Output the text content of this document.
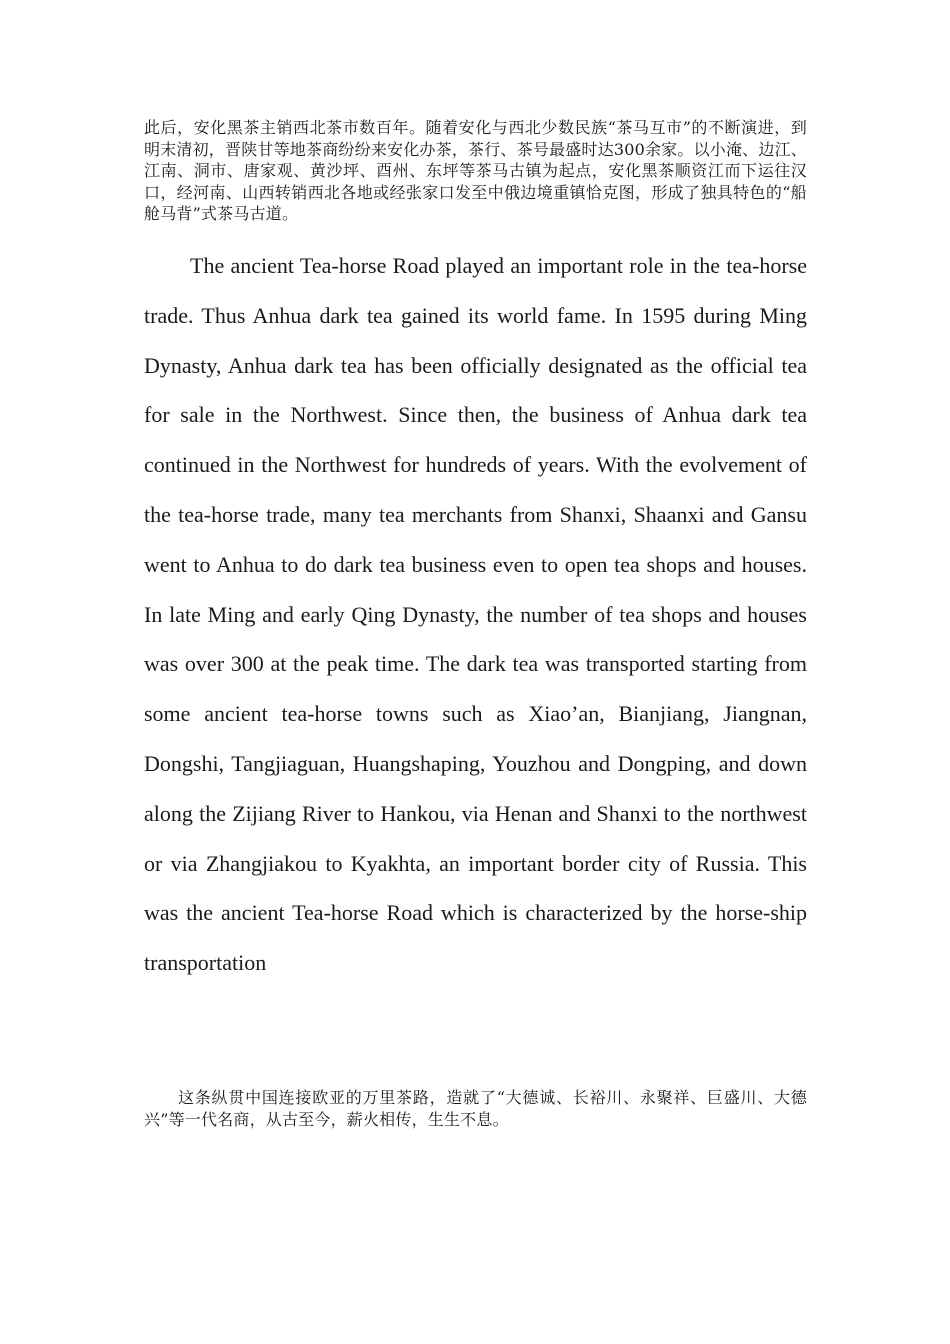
此后，安化黑茶主销西北茶市数百年。随着安化与西北少数民族“茶马互市”的不断演进，到明末清初，晋陕甘等地茶商纷纷来安化办茶，茶行、茶号最盛时达300余家。以小淹、边江、江南、洞市、唐家观、黄沙坪、酉州、东坪等茶马古镇为起点，安化黑茶顺资江而下运往汉口，经河南、山西转销西北各地或经张家口发至中俄边境重镇恰克图，形成了独具特色的“船舱马背”式茶马古道。

The ancient Tea-horse Road played an important role in the tea-horse trade. Thus Anhua dark tea gained its world fame. In 1595 during Ming Dynasty, Anhua dark tea has been officially designated as the official tea for sale in the Northwest. Since then, the business of Anhua dark tea continued in the Northwest for hundreds of years. With the evolvement of the tea-horse trade, many tea merchants from Shanxi, Shaanxi and Gansu went to Anhua to do dark tea business even to open tea shops and houses. In late Ming and early Qing Dynasty, the number of tea shops and houses was over 300 at the peak time. The dark tea was transported starting from some ancient tea-horse towns such as Xiao’an, Bianjiang, Jiangnan, Dongshi, Tangjiaguan, Huangshaping, Youzhou and Dongping, and down along the Zijiang River to Hankou, via Henan and Shanxi to the northwest or via Zhangjiakou to Kyakhta, an important border city of Russia. This was the ancient Tea-horse Road which is characterized by the horse-ship transportation

这条纵贯中国连接欧亚的万里茶路，造就了“大德诚、长裕川、永聚祥、巨盛川、大德兴”等一代名商，从古至今，薪火相传，生生不息。
